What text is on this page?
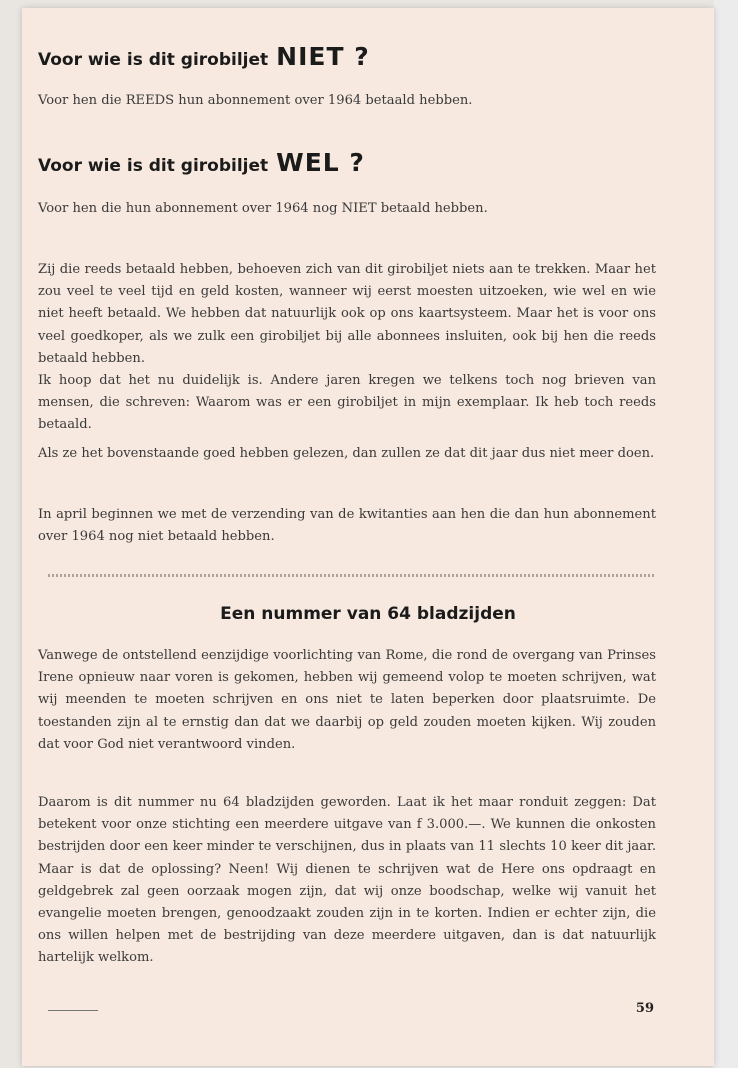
Voor wie is dit girobiljet NIET ?
Voor hen die REEDS hun abonnement over 1964 betaald hebben.
Voor wie is dit girobiljet WEL ?
Voor hen die hun abonnement over 1964 nog NIET betaald hebben.
Zij die reeds betaald hebben, behoeven zich van dit girobiljet niets aan te trekken. Maar het zou veel te veel tijd en geld kosten, wanneer wij eerst moesten uitzoeken, wie wel en wie niet heeft betaald. We hebben dat natuurlijk ook op ons kaartsysteem. Maar het is voor ons veel goedkoper, als we zulk een girobiljet bij alle abonnees insluiten, ook bij hen die reeds betaald hebben.
Ik hoop dat het nu duidelijk is. Andere jaren kregen we telkens toch nog brieven van mensen, die schreven: Waarom was er een girobiljet in mijn exemplaar. Ik heb toch reeds betaald.
Als ze het bovenstaande goed hebben gelezen, dan zullen ze dat dit jaar dus niet meer doen.
In april beginnen we met de verzending van de kwitanties aan hen die dan hun abonnement over 1964 nog niet betaald hebben.
Een nummer van 64 bladzijden
Vanwege de ontstellend eenzijdige voorlichting van Rome, die rond de overgang van Prinses Irene opnieuw naar voren is gekomen, hebben wij gemeend volop te moeten schrijven, wat wij meenden te moeten schrijven en ons niet te laten beperken door plaatsruimte. De toestanden zijn al te ernstig dan dat we daarbij op geld zouden moeten kijken. Wij zouden dat voor God niet verantwoord vinden.
Daarom is dit nummer nu 64 bladzijden geworden. Laat ik het maar ronduit zeggen: Dat betekent voor onze stichting een meerdere uitgave van f 3.000.—. We kunnen die onkosten bestrijden door een keer minder te verschijnen, dus in plaats van 11 slechts 10 keer dit jaar. Maar is dat de oplossing? Neen! Wij dienen te schrijven wat de Here ons opdraagt en geldgebrek zal geen oorzaak mogen zijn, dat wij onze boodschap, welke wij vanuit het evangelie moeten brengen, genoodzaakt zouden zijn in te korten. Indien er echter zijn, die ons willen helpen met de bestrijding van deze meerdere uitgaven, dan is dat natuurlijk hartelijk welkom.
59
